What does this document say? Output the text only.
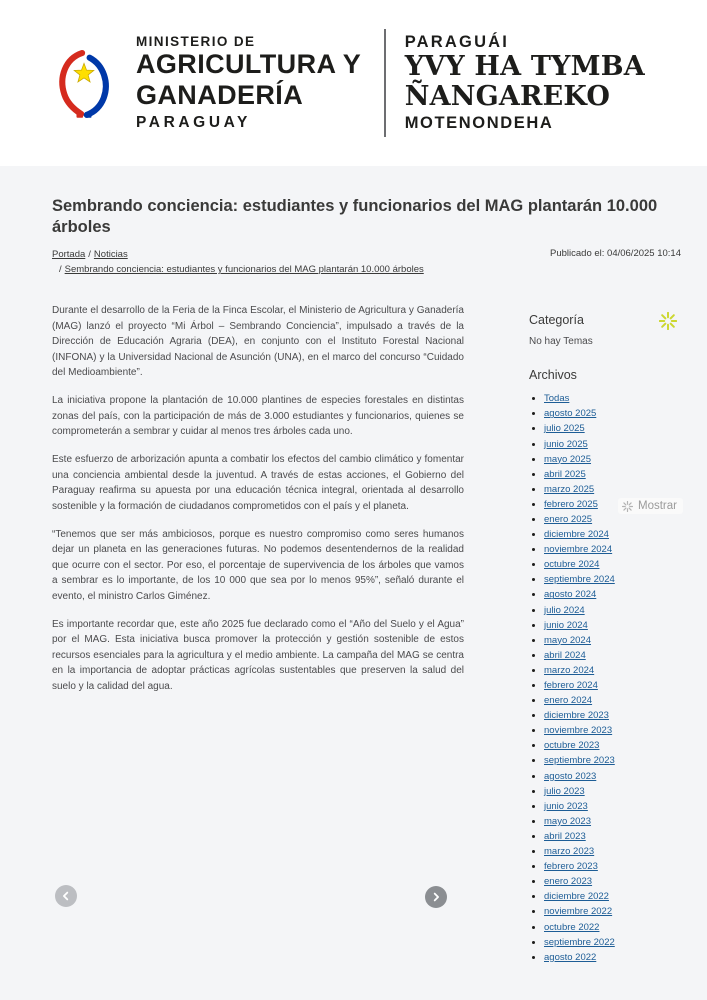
MINISTERIO DE
AGRICULTURA Y
GANADERÍA
PARAGUAY
PARAGUÁI
YVY HA TYMBA
ÑANGAREKO
MOTENONDEHA
Sembrando conciencia: estudiantes y funcionarios del MAG plantarán 10.000 árboles
Portada / Noticias
/ Sembrando conciencia: estudiantes y funcionarios del MAG plantarán 10.000 árboles
Publicado el: 04/06/2025 10:14

Durante el desarrollo de la Feria de la Finca Escolar, el Ministerio de Agricultura y Ganadería (MAG) lanzó el proyecto “Mi Árbol – Sembrando Conciencia”, impulsado a través de la Dirección de Educación Agraria (DEA), en conjunto con el Instituto Forestal Nacional (INFONA) y la Universidad Nacional de Asunción (UNA), en el marco del concurso “Cuidado del Medioambiente”.

La iniciativa propone la plantación de 10.000 plantines de especies forestales en distintas zonas del país, con la participación de más de 3.000 estudiantes y funcionarios, quienes se comprometerán a sembrar y cuidar al menos tres árboles cada uno.

Este esfuerzo de arborización apunta a combatir los efectos del cambio climático y fomentar una conciencia ambiental desde la juventud. A través de estas acciones, el Gobierno del Paraguay reafirma su apuesta por una educación técnica integral, orientada al desarrollo sostenible y la formación de ciudadanos comprometidos con el país y el planeta.

“Tenemos que ser más ambiciosos, porque es nuestro compromiso como seres humanos dejar un planeta en las generaciones futuras. No podemos desentendernos de la realidad que ocurre con el sector. Por eso, el porcentaje de supervivencia de los árboles que vamos a sembrar es lo importante, de los 10 000 que sea por lo menos 95%”, señaló durante el evento, el ministro Carlos Giménez.

Es importante recordar que, este año 2025 fue declarado como el “Año del Suelo y el Agua” por el MAG. Esta iniciativa busca promover la protección y gestión sostenible de estos recursos esenciales para la agricultura y el medio ambiente. La campaña del MAG se centra en la importancia de adoptar prácticas agrícolas sustentables que preserven la salud del suelo y la calidad del agua.

Categoría
No hay Temas
Archivos
• Todas
• agosto 2025
• julio 2025
• junio 2025
• mayo 2025
• abril 2025
• marzo 2025
• febrero 2025
• enero 2025
• diciembre 2024
• noviembre 2024
• octubre 2024
• septiembre 2024
• agosto 2024
• julio 2024
• junio 2024
• mayo 2024
• abril 2024
• marzo 2024
• febrero 2024
• enero 2024
• diciembre 2023
• noviembre 2023
• octubre 2023
• septiembre 2023
• agosto 2023
• julio 2023
• junio 2023
• mayo 2023
• abril 2023
• marzo 2023
• febrero 2023
• enero 2023
• diciembre 2022
• noviembre 2022
• octubre 2022
• septiembre 2022
• agosto 2022
Mostrar
